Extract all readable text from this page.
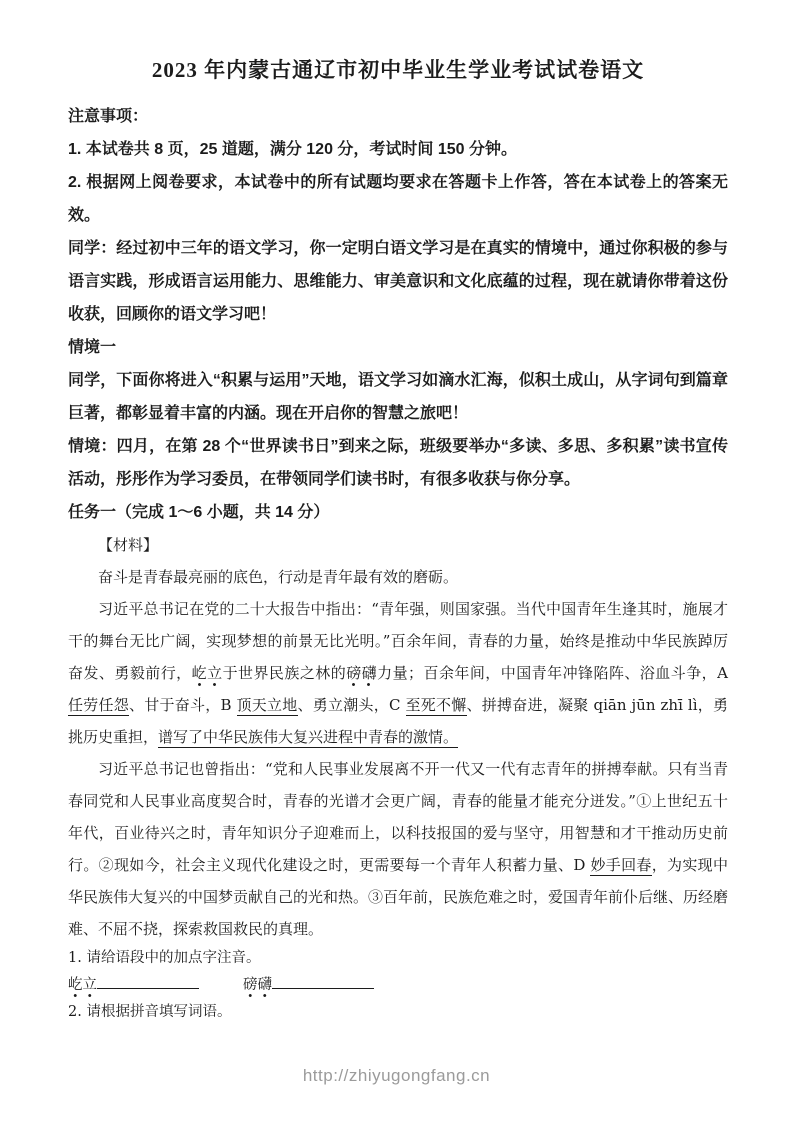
2023 年内蒙古通辽市初中毕业生学业考试试卷语文

注意事项：

1. 本试卷共 8 页，25 道题，满分 120 分，考试时间 150 分钟。

2. 根据网上阅卷要求，本试卷中的所有试题均要求在答题卡上作答，答在本试卷上的答案无效。

同学：经过初中三年的语文学习，你一定明白语文学习是在真实的情境中，通过你积极的参与语言实践，形成语言运用能力、思维能力、审美意识和文化底蕴的过程，现在就请你带着这份收获，回顾你的语文学习吧！

情境一

同学，下面你将进入“积累与运用”天地，语文学习如滴水汇海，似积土成山，从字词句到篇章巨著，都彰显着丰富的内涵。现在开启你的智慧之旅吧！

情境：四月，在第 28 个“世界读书日”到来之际，班级要举办“多读、多思、多积累”读书宣传活动，彤彤作为学习委员，在带领同学们读书时，有很多收获与你分享。

任务一（完成 1～6 小题，共 14 分）

【材料】

奋斗是青春最亮丽的底色，行动是青年最有效的磨砺。

习近平总书记在党的二十大报告中指出：“青年强，则国家强。当代中国青年生逢其时，施展才干的舞台无比广阔，实现梦想的前景无比光明。”百余年间，青春的力量，始终是推动中华民族踔厉奋发、勇毅前行，屹立于世界民族之林的磅礴力量；百余年间，中国青年冲锋陷阵、浴血斗争，A 任劳任怨、甘于奋斗，B 顶天立地、勇立潮头，C 至死不懈、拼搏奋进，凝聚 qiān jūn zhī lì，勇挑历史重担，谱写了中华民族伟大复兴进程中青春的激情。

习近平总书记也曾指出：“党和人民事业发展离不开一代又一代有志青年的拼搏奉献。只有当青春同党和人民事业高度契合时，青春的光谱才会更广阔，青春的能量才能充分迸发。”①上世纪五十年代，百业待兴之时，青年知识分子迎难而上，以科技报国的爱与坚守，用智慧和才干推动历史前行。②现如今，社会主义现代化建设之时，更需要每一个青年人积蓄力量、D 妙手回春，为实现中华民族伟大复兴的中国梦贡献自己的光和热。③百年前，民族危难之时，爱国青年前仆后继、历经磨难、不屈不挠，探索救国救民的真理。

1. 请给语段中的加点字注音。

屹立	磅礴

2. 请根据拼音填写词语。

http://zhiyugongfang.cn
